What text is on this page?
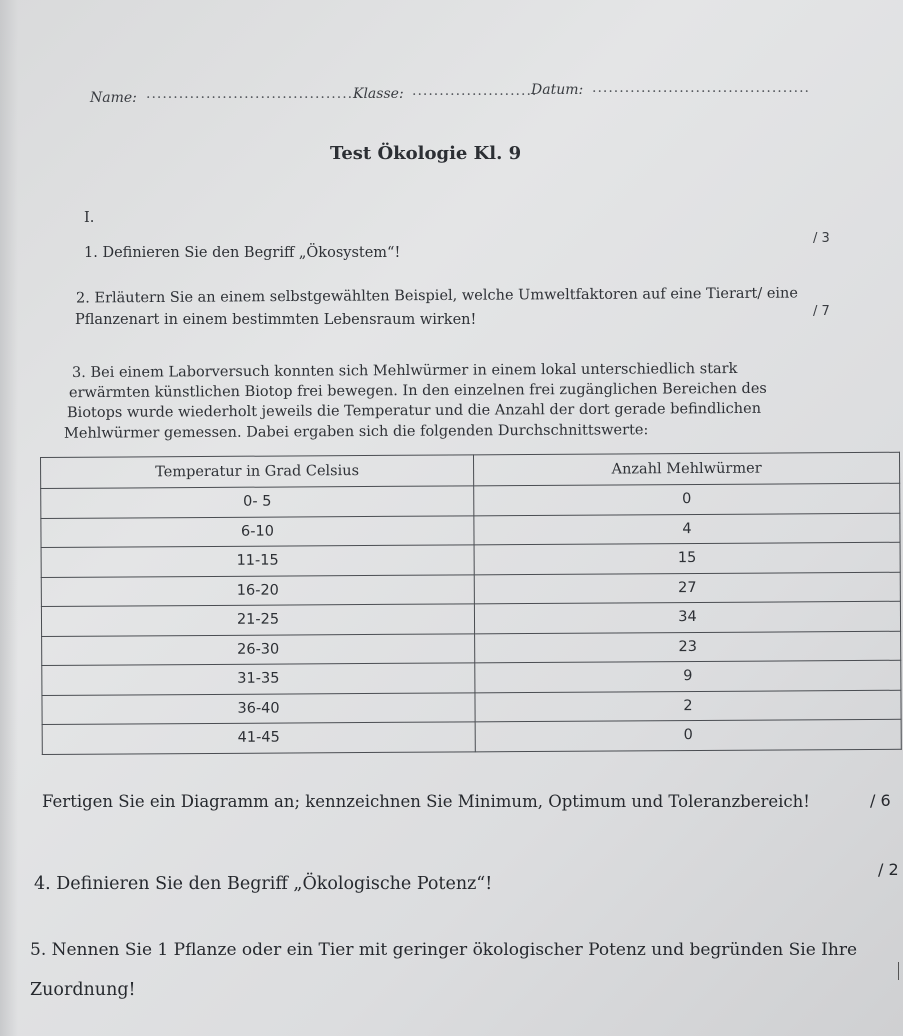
Name: ........................................
Klasse: .......................
Datum: ........................................
Test Ökologie Kl. 9
I.
1. Definieren Sie den Begriff „Ökosystem“!
/ 3
2. Erläutern Sie an einem selbstgewählten Beispiel, welche Umweltfaktoren auf eine Tierart/ eine
Pflanzenart in einem bestimmten Lebensraum wirken!
/ 7
3. Bei einem Laborversuch konnten sich Mehlwürmer in einem lokal unterschiedlich stark
erwärmten künstlichen Biotop frei bewegen. In den einzelnen frei zugänglichen Bereichen des
Biotops wurde wiederholt jeweils die Temperatur und die Anzahl der dort gerade befindlichen
Mehlwürmer gemessen. Dabei ergaben sich die folgenden Durchschnittswerte:
Temperatur in Grad Celsius	Anzahl Mehlwürmer
0- 5	0
6-10	4
11-15	15
16-20	27
21-25	34
26-30	23
31-35	9
36-40	2
41-45	0
Fertigen Sie ein Diagramm an; kennzeichnen Sie Minimum, Optimum und Toleranzbereich!	/ 6
4. Definieren Sie den Begriff „Ökologische Potenz“!
/ 2
5. Nennen Sie 1 Pflanze oder ein Tier mit geringer ökologischer Potenz und begründen Sie Ihre
Zuordnung!
